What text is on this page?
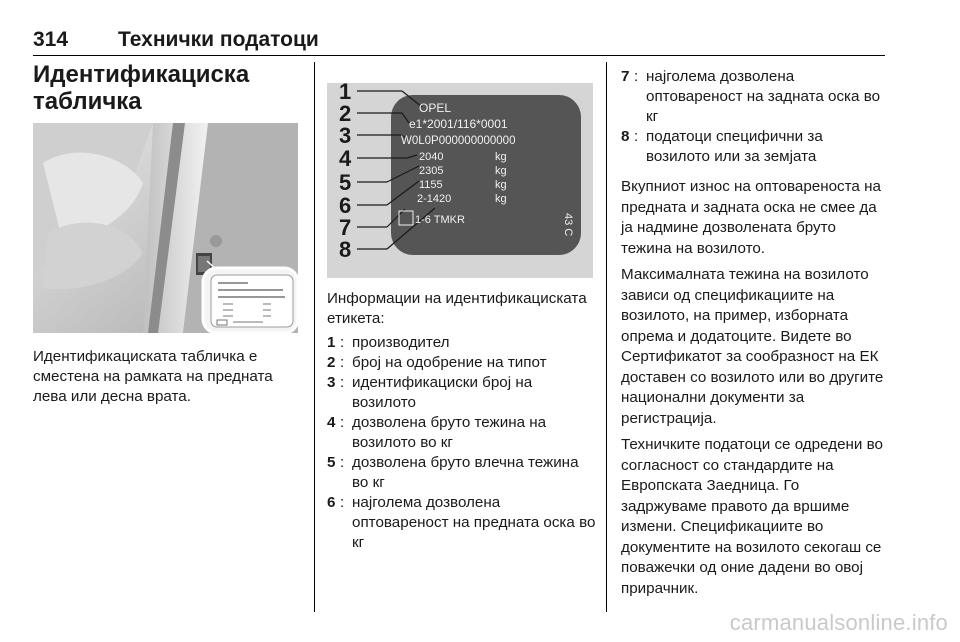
314 Технички податоци
Идентификациска табличка
Идентификациската табличка е сместена на рамката на предната лева или десна врата.
1
2
3
4
5
6
7
8
OPEL
e1*2001/116*0001
W0L0P000000000000
2040
2305
1155
2-1420
kg
kg
kg
kg
1-6 TMKR	43 C
Информации на идентификациската етикета:
1 : производител
2 : број на одобрение на типот
3 : идентификациски број на возилото
4 : дозволена бруто тежина на возилото во кг
5 : дозволена бруто влечна тежина во кг
6 : најголема дозволена оптовареност на предната оска во кг
7 : најголема дозволена оптовареност на задната оска во кг
8 : податоци специфични за возилото или за земјата

Вкупниот износ на оптовареноста на предната и задната оска не смее да ја надмине дозволената бруто тежина на возилото.

Максималната тежина на возилото зависи од спецификациите на возилото, на пример, изборната опрема и додатоците. Видете во Сертификатот за сообразност на ЕК доставен со возилото или во другите национални документи за регистрација.

Техничките податоци се одредени во согласност со стандардите на Европската Заедница. Го задржуваме правото да вршиме измени. Спецификациите во документите на возилото секогаш се поважечки од оние дадени во овој прирачник.

carmanualsonline.info
